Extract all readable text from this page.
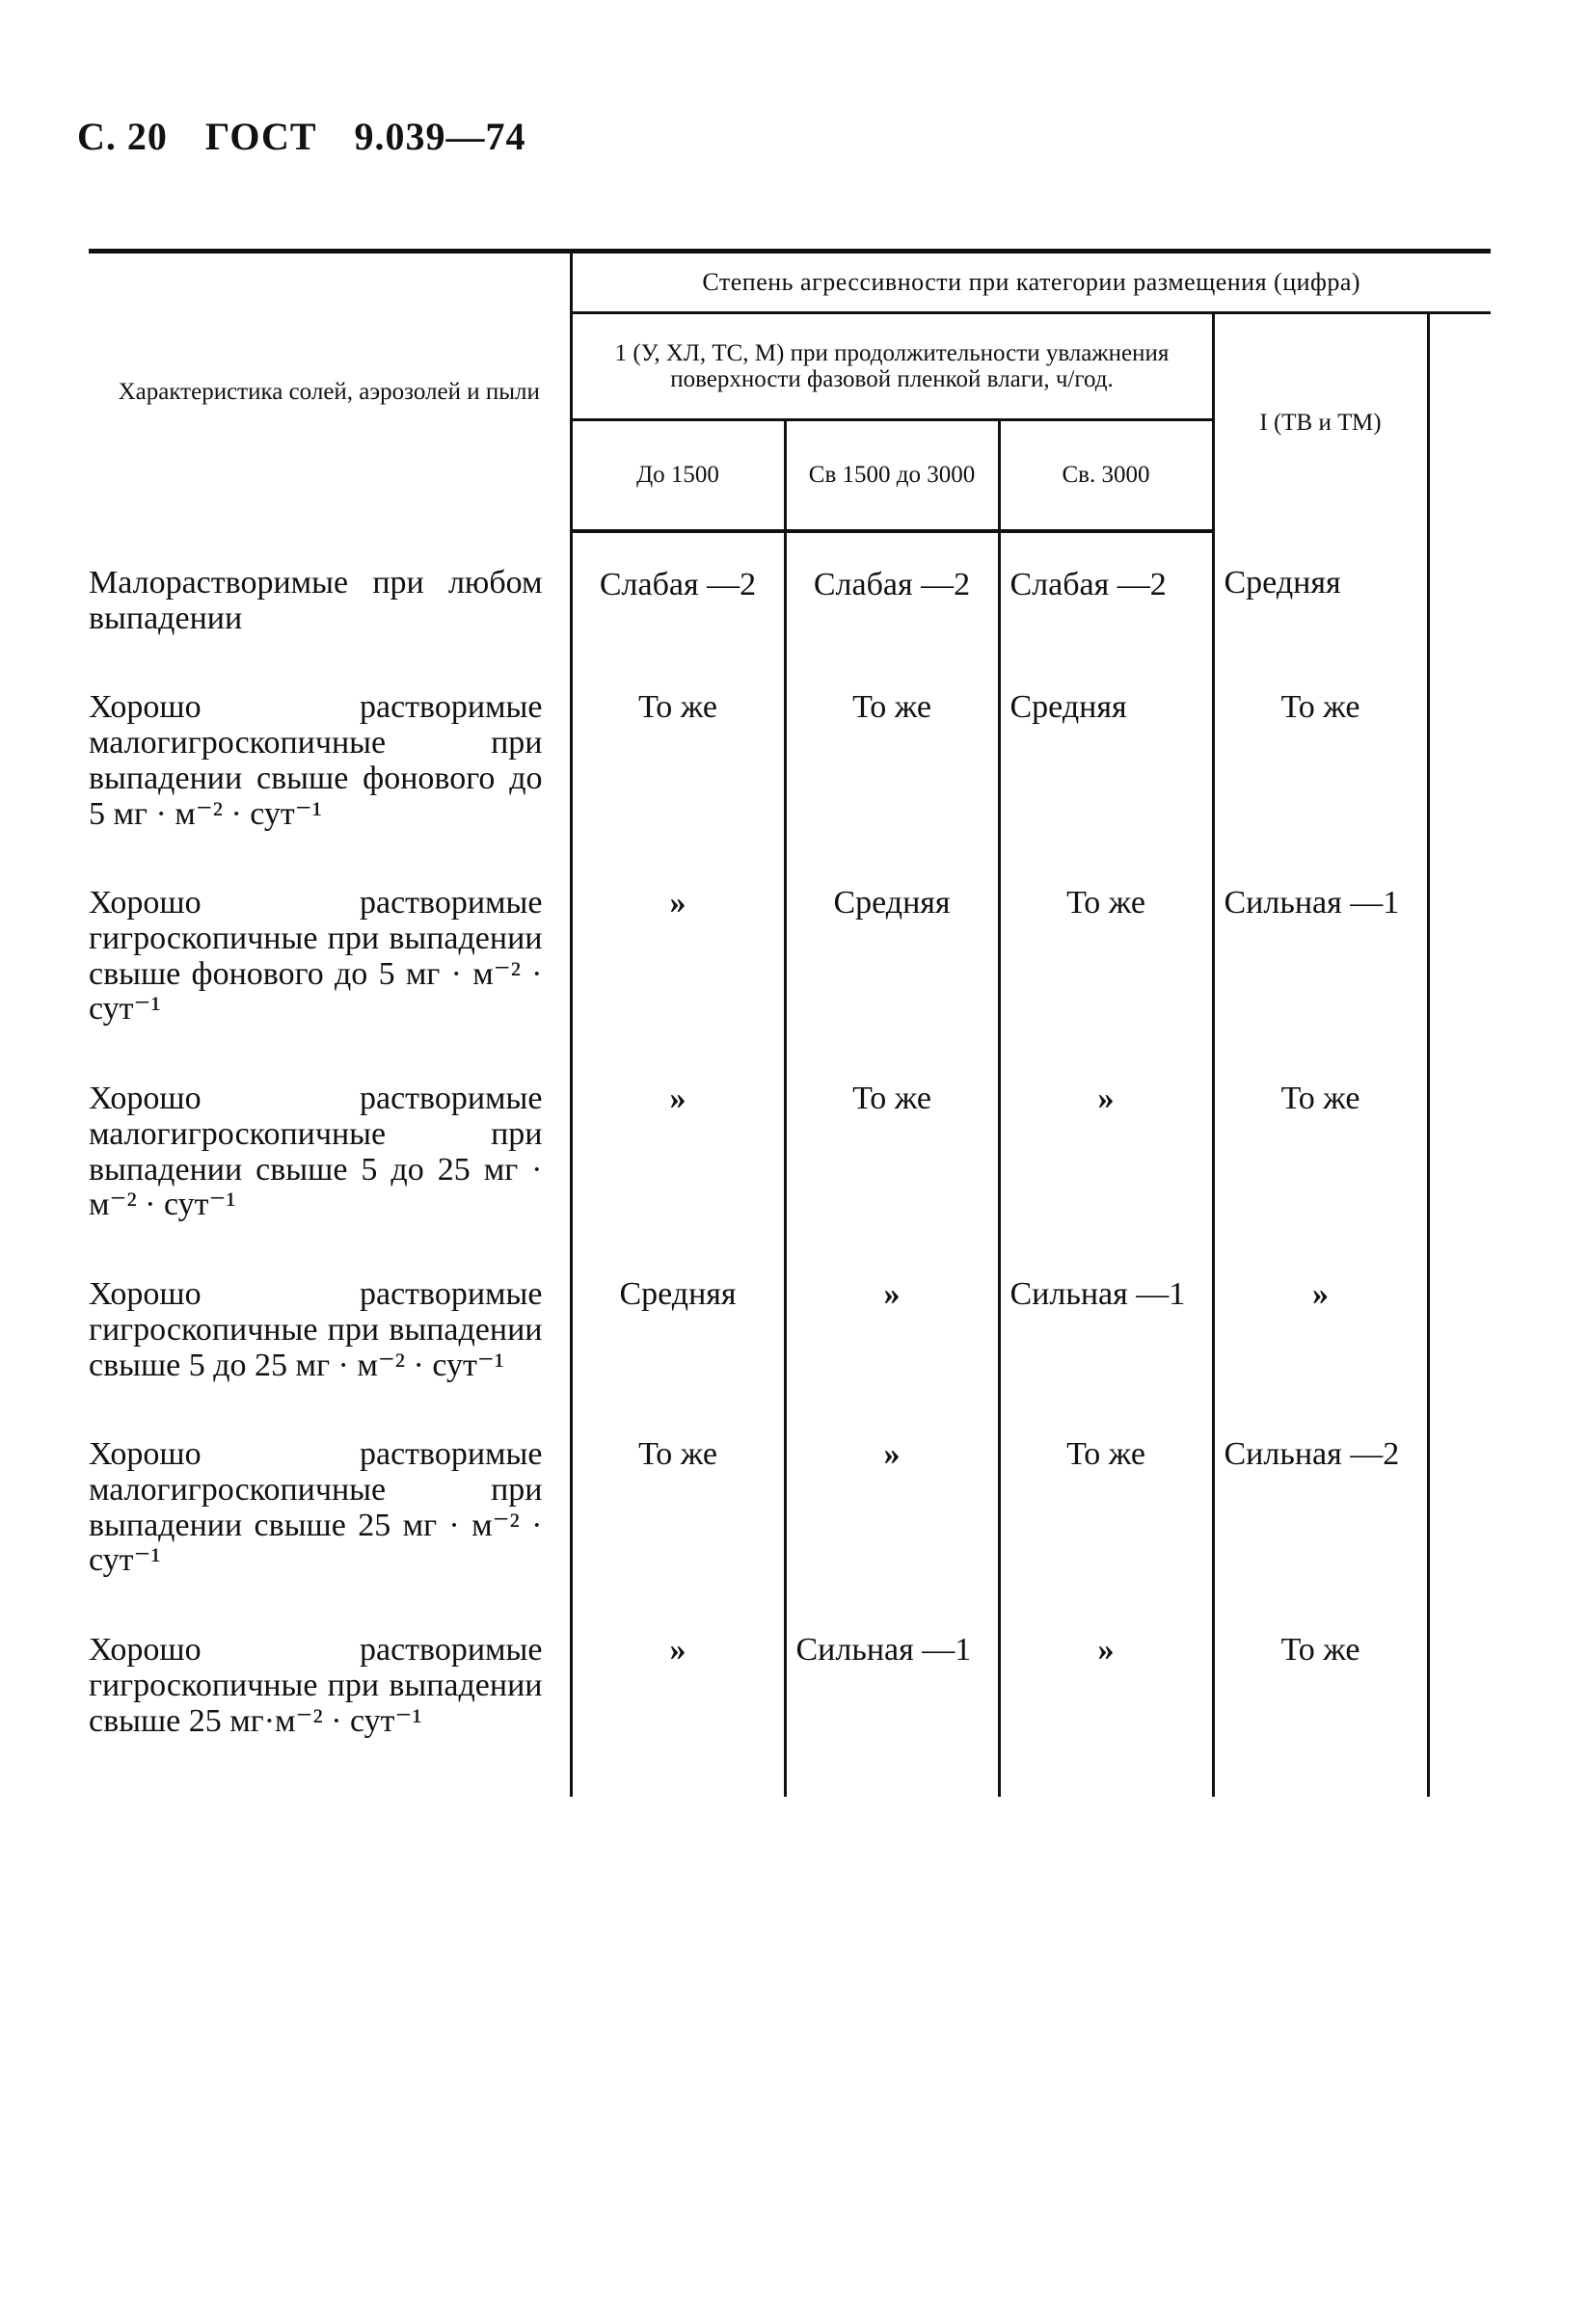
С. 20 ГОСТ 9.039—74
Характеристика солей, аэрозолей и пыли	Степень агрессивности при категории размещения (цифра)				
	1 (У, ХЛ, ТС, М) при продолжительности увлажнения поверхности фазовой пленкой влаги, ч/год.			I (ТВ и ТМ)	
	До 1500	Св 1500 до 3000	Св. 3000		
Малорастворимые при любом выпадении	Слабая —2	Слабая —2	Слабая —2	Средняя	
Хорошо растворимые малогигроскопичные при выпадении свыше фонового до 5 мг · м⁻² · сут⁻¹	То же	То же	Средняя	То же	
Хорошо растворимые гигроскопичные при выпадении свыше фонового до 5 мг · м⁻² · сут⁻¹	»	Средняя	То же	Сильная —1	
Хорошо растворимые малогигроскопичные при выпадении свыше 5 до 25 мг · м⁻² · сут⁻¹	»	То же	»	То же	
Хорошо растворимые гигроскопичные при выпадении свыше 5 до 25 мг · м⁻² · сут⁻¹	Средняя	»	Сильная —1	»	
Хорошо растворимые малогигроскопичные при выпадении свыше 25 мг · м⁻² · сут⁻¹	То же	»	То же	Сильная —2	
Хорошо растворимые гигроскопичные при выпадении свыше 25 мг·м⁻² · сут⁻¹	»	Сильная —1	»	То же	
